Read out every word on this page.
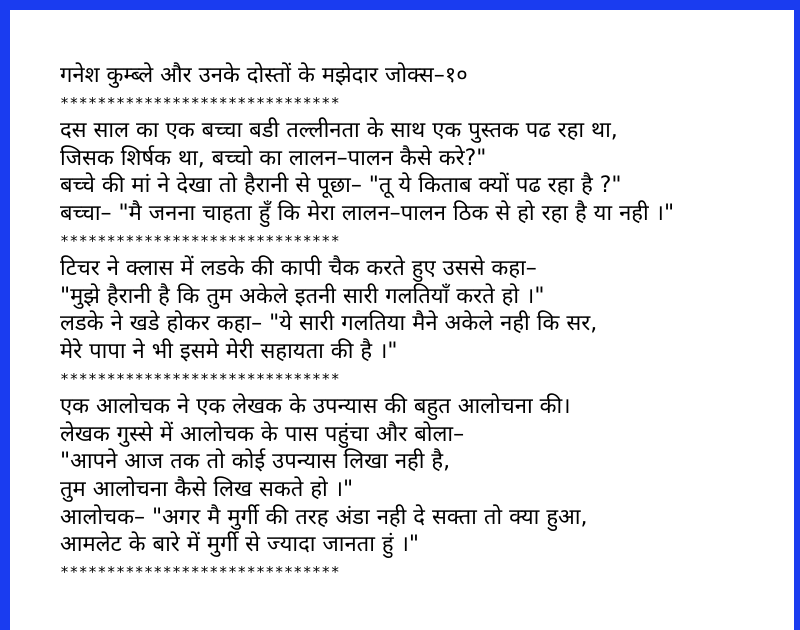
गनेश कुम्ब्ले और उनके दोस्तों के मझेदार जोक्स–१०
******************************
दस साल का एक बच्चा बडी तल्लीनता के साथ एक पुस्तक पढ रहा था,
जिसक शिर्षक था, बच्चो का लालन–पालन कैसे करे?"
बच्चे की मां ने देखा तो हैरानी से पूछा– "तू ये किताब क्यों पढ रहा है ?"
बच्चा– "मै जनना चाहता हुँ कि मेरा लालन–पालन ठिक से हो रहा है या नही ।"
******************************
टिचर ने क्लास में लडके की कापी चैक करते हुए उससे कहा–
"मुझे हैरानी है कि तुम अकेले इतनी सारी गलतियाँ करते हो ।"
लडके ने खडे होकर कहा– "ये सारी गलतिया मैने अकेले नही कि सर,
मेरे पापा ने भी इसमे मेरी सहायता की है ।"
******************************
एक आलोचक ने एक लेखक के उपन्यास की बहुत आलोचना की।
लेखक गुस्से में आलोचक के पास पहुंचा और बोला–
"आपने आज तक तो कोई उपन्यास लिखा नही है,
तुम आलोचना कैसे लिख सकते हो ।"
आलोचक– "अगर मै मुर्गी की तरह अंडा नही दे सक्ता तो क्या हुआ,
आमलेट के बारे में मुर्गी से ज्यादा जानता हुं ।"
******************************
